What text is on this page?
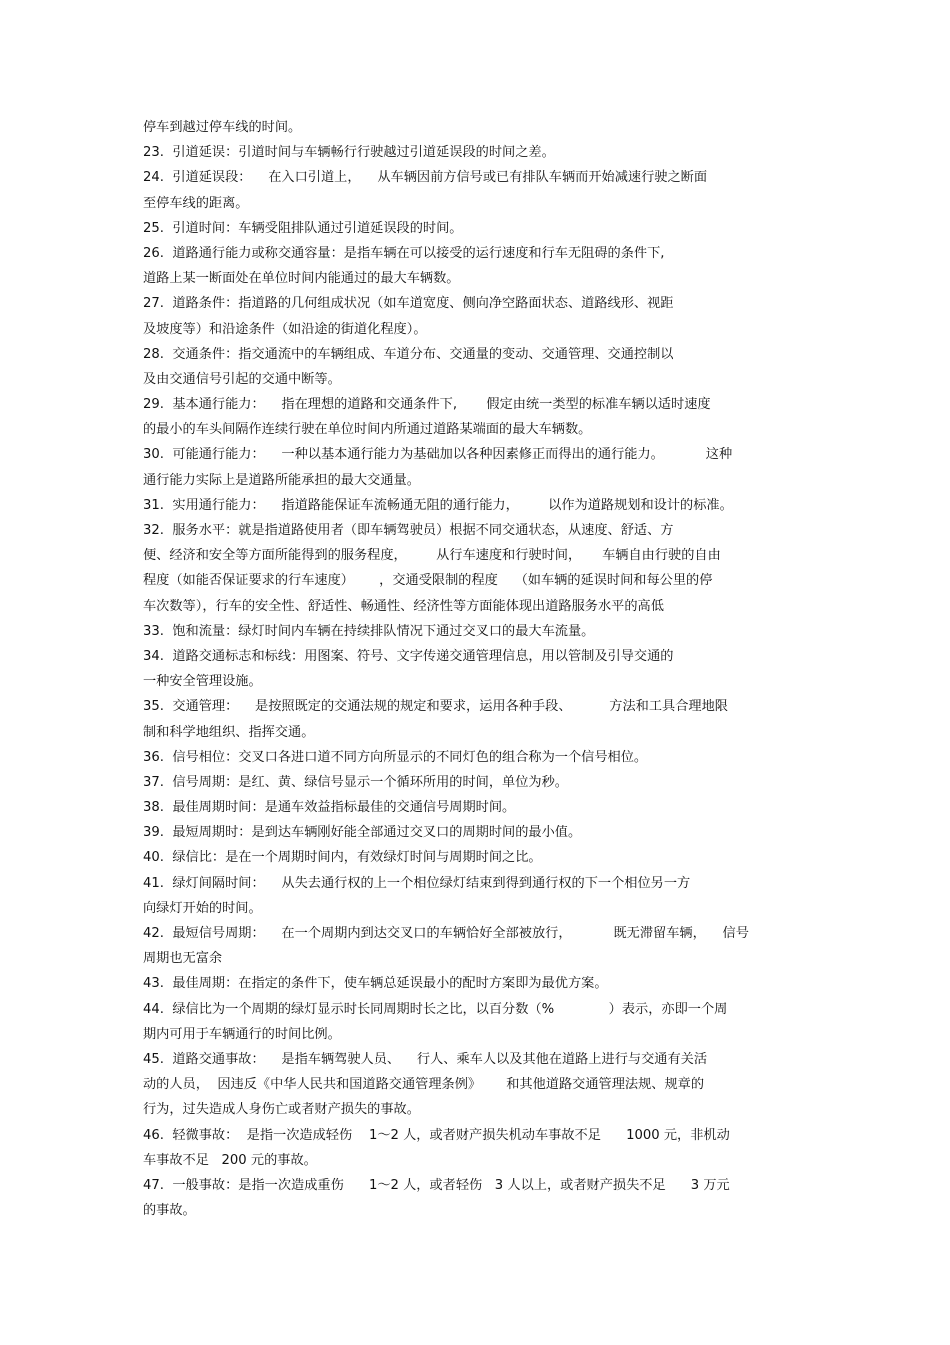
停车到越过停车线的时间。
23.  引道延误：引道时间与车辆畅行行驶越过引道延误段的时间之差。
24.  引道延误段：    在入口引道上，    从车辆因前方信号或已有排队车辆而开始减速行驶之断面
至停车线的距离。
25.  引道时间：车辆受阻排队通过引道延误段的时间。
26.  道路通行能力或称交通容量：是指车辆在可以接受的运行速度和行车无阻碍的条件下,
道路上某一断面处在单位时间内能通过的最大车辆数。
27.  道路条件：指道路的几何组成状况（如车道宽度、侧向净空路面状态、道路线形、视距
及坡度等）和沿途条件（如沿途的街道化程度）。
28.  交通条件：指交通流中的车辆组成、车道分布、交通量的变动、交通管理、交通控制以
及由交通信号引起的交通中断等。
29.  基本通行能力：    指在理想的道路和交通条件下,       假定由统一类型的标准车辆以适时速度
的最小的车头间隔作连续行驶在单位时间内所通过道路某端面的最大车辆数。
30.  可能通行能力：    一种以基本通行能力为基础加以各种因素修正而得出的通行能力。          这种
通行能力实际上是道路所能承担的最大交通量。
31.  实用通行能力：    指道路能保证车流畅通无阻的通行能力，       以作为道路规划和设计的标准。
32.  服务水平：就是指道路使用者（即车辆驾驶员）根据不同交通状态，从速度、舒适、方
便、经济和安全等方面所能得到的服务程度，       从行车速度和行驶时间，     车辆自由行驶的自由
程度（如能否保证要求的行车速度）      ，交通受限制的程度    （如车辆的延误时间和每公里的停
车次数等），行车的安全性、舒适性、畅通性、经济性等方面能体现出道路服务水平的高低
33.  饱和流量：绿灯时间内车辆在持续排队情况下通过交叉口的最大车流量。
34.  道路交通标志和标线：用图案、符号、文字传递交通管理信息，用以管制及引导交通的
一种安全管理设施。
35.  交通管理：    是按照既定的交通法规的规定和要求，运用各种手段、         方法和工具合理地限
制和科学地组织、指挥交通。
36.  信号相位：交叉口各进口道不同方向所显示的不同灯色的组合称为一个信号相位。
37.  信号周期：是红、黄、绿信号显示一个循环所用的时间，单位为秒。
38.  最佳周期时间：是通车效益指标最佳的交通信号周期时间。
39.  最短周期时：是到达车辆刚好能全部通过交叉口的周期时间的最小值。
40.  绿信比：是在一个周期时间内，有效绿灯时间与周期时间之比。
41.  绿灯间隔时间：    从失去通行权的上一个相位绿灯结束到得到通行权的下一个相位另一方
向绿灯开始的时间。
42.  最短信号周期：    在一个周期内到达交叉口的车辆恰好全部被放行，          既无滞留车辆，    信号
周期也无富余
43.  最佳周期：在指定的条件下，使车辆总延误最小的配时方案即为最优方案。
44.  绿信比为一个周期的绿灯显示时长同周期时长之比，以百分数（%             ）表示，亦即一个周
期内可用于车辆通行的时间比例。
45.  道路交通事故：    是指车辆驾驶人员、    行人、乘车人以及其他在道路上进行与交通有关活
动的人员，  因违反《中华人民共和国道路交通管理条例》      和其他道路交通管理法规、规章的
行为，过失造成人身伤亡或者财产损失的事故。
46.  轻微事故：  是指一次造成轻伤    1～2 人，或者财产损失机动车事故不足      1000 元，非机动
车事故不足   200 元的事故。
47.  一般事故：是指一次造成重伤      1～2 人，或者轻伤   3 人以上，或者财产损失不足      3 万元
的事故。
